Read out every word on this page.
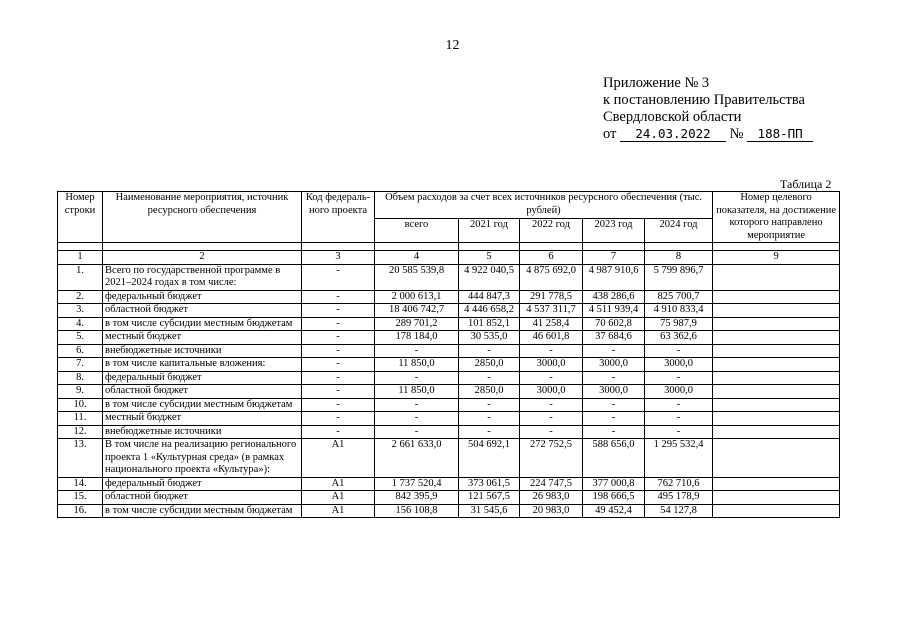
12
Приложение № 3
к постановлению Правительства
Свердловской области
от 24.03.2022 № 188-ПП
Таблица 2
Номер строки	Наименование мероприятия, источник ресурсного обеспечения	Код федераль-ного проекта	Объем расходов за счет всех источников ресурсного обеспечения (тыс. рублей)					Номер целевого показателя, на достижение которого направлено мероприятие
			всего	2021 год	2022 год	2023 год	2024 год	

1	2	3	4	5	6	7	8	9
1.	Всего по государственной программе в 2021–2024 годах в том числе:	-	20 585 539,8	4 922 040,5	4 875 692,0	4 987 910,6	5 799 896,7	
2.	федеральный бюджет	-	2 000 613,1	444 847,3	291 778,5	438 286,6	825 700,7	
3.	областной бюджет	-	18 406 742,7	4 446 658,2	4 537 311,7	4 511 939,4	4 910 833,4	
4.	в том числе субсидии местным бюджетам	-	289 701,2	101 852,1	41 258,4	70 602,8	75 987,9	
5.	местный бюджет	-	178 184,0	30 535,0	46 601,8	37 684,6	63 362,6	
6.	внебюджетные источники	-	-	-	-	-	-	
7.	в том числе капитальные вложения:	-	11 850,0	2850,0	3000,0	3000,0	3000,0	
8.	федеральный бюджет	-	-	-	-	-	-	
9.	областной бюджет	-	11 850,0	2850,0	3000,0	3000,0	3000,0	
10.	в том числе субсидии местным бюджетам	-	-	-	-	-	-	
11.	местный бюджет	-	-	-	-	-	-	
12.	внебюджетные источники	-	-	-	-	-	-	
13.	В том числе на реализацию регионального проекта 1 «Культурная среда» (в рамках национального проекта «Культура»):	А1	2 661 633,0	504 692,1	272 752,5	588 656,0	1 295 532,4	
14.	федеральный бюджет	А1	1 737 520,4	373 061,5	224 747,5	377 000,8	762 710,6	
15.	областной бюджет	А1	842 395,9	121 567,5	26 983,0	198 666,5	495 178,9	
16.	в том числе субсидии местным бюджетам	А1	156 108,8	31 545,6	20 983,0	49 452,4	54 127,8	
